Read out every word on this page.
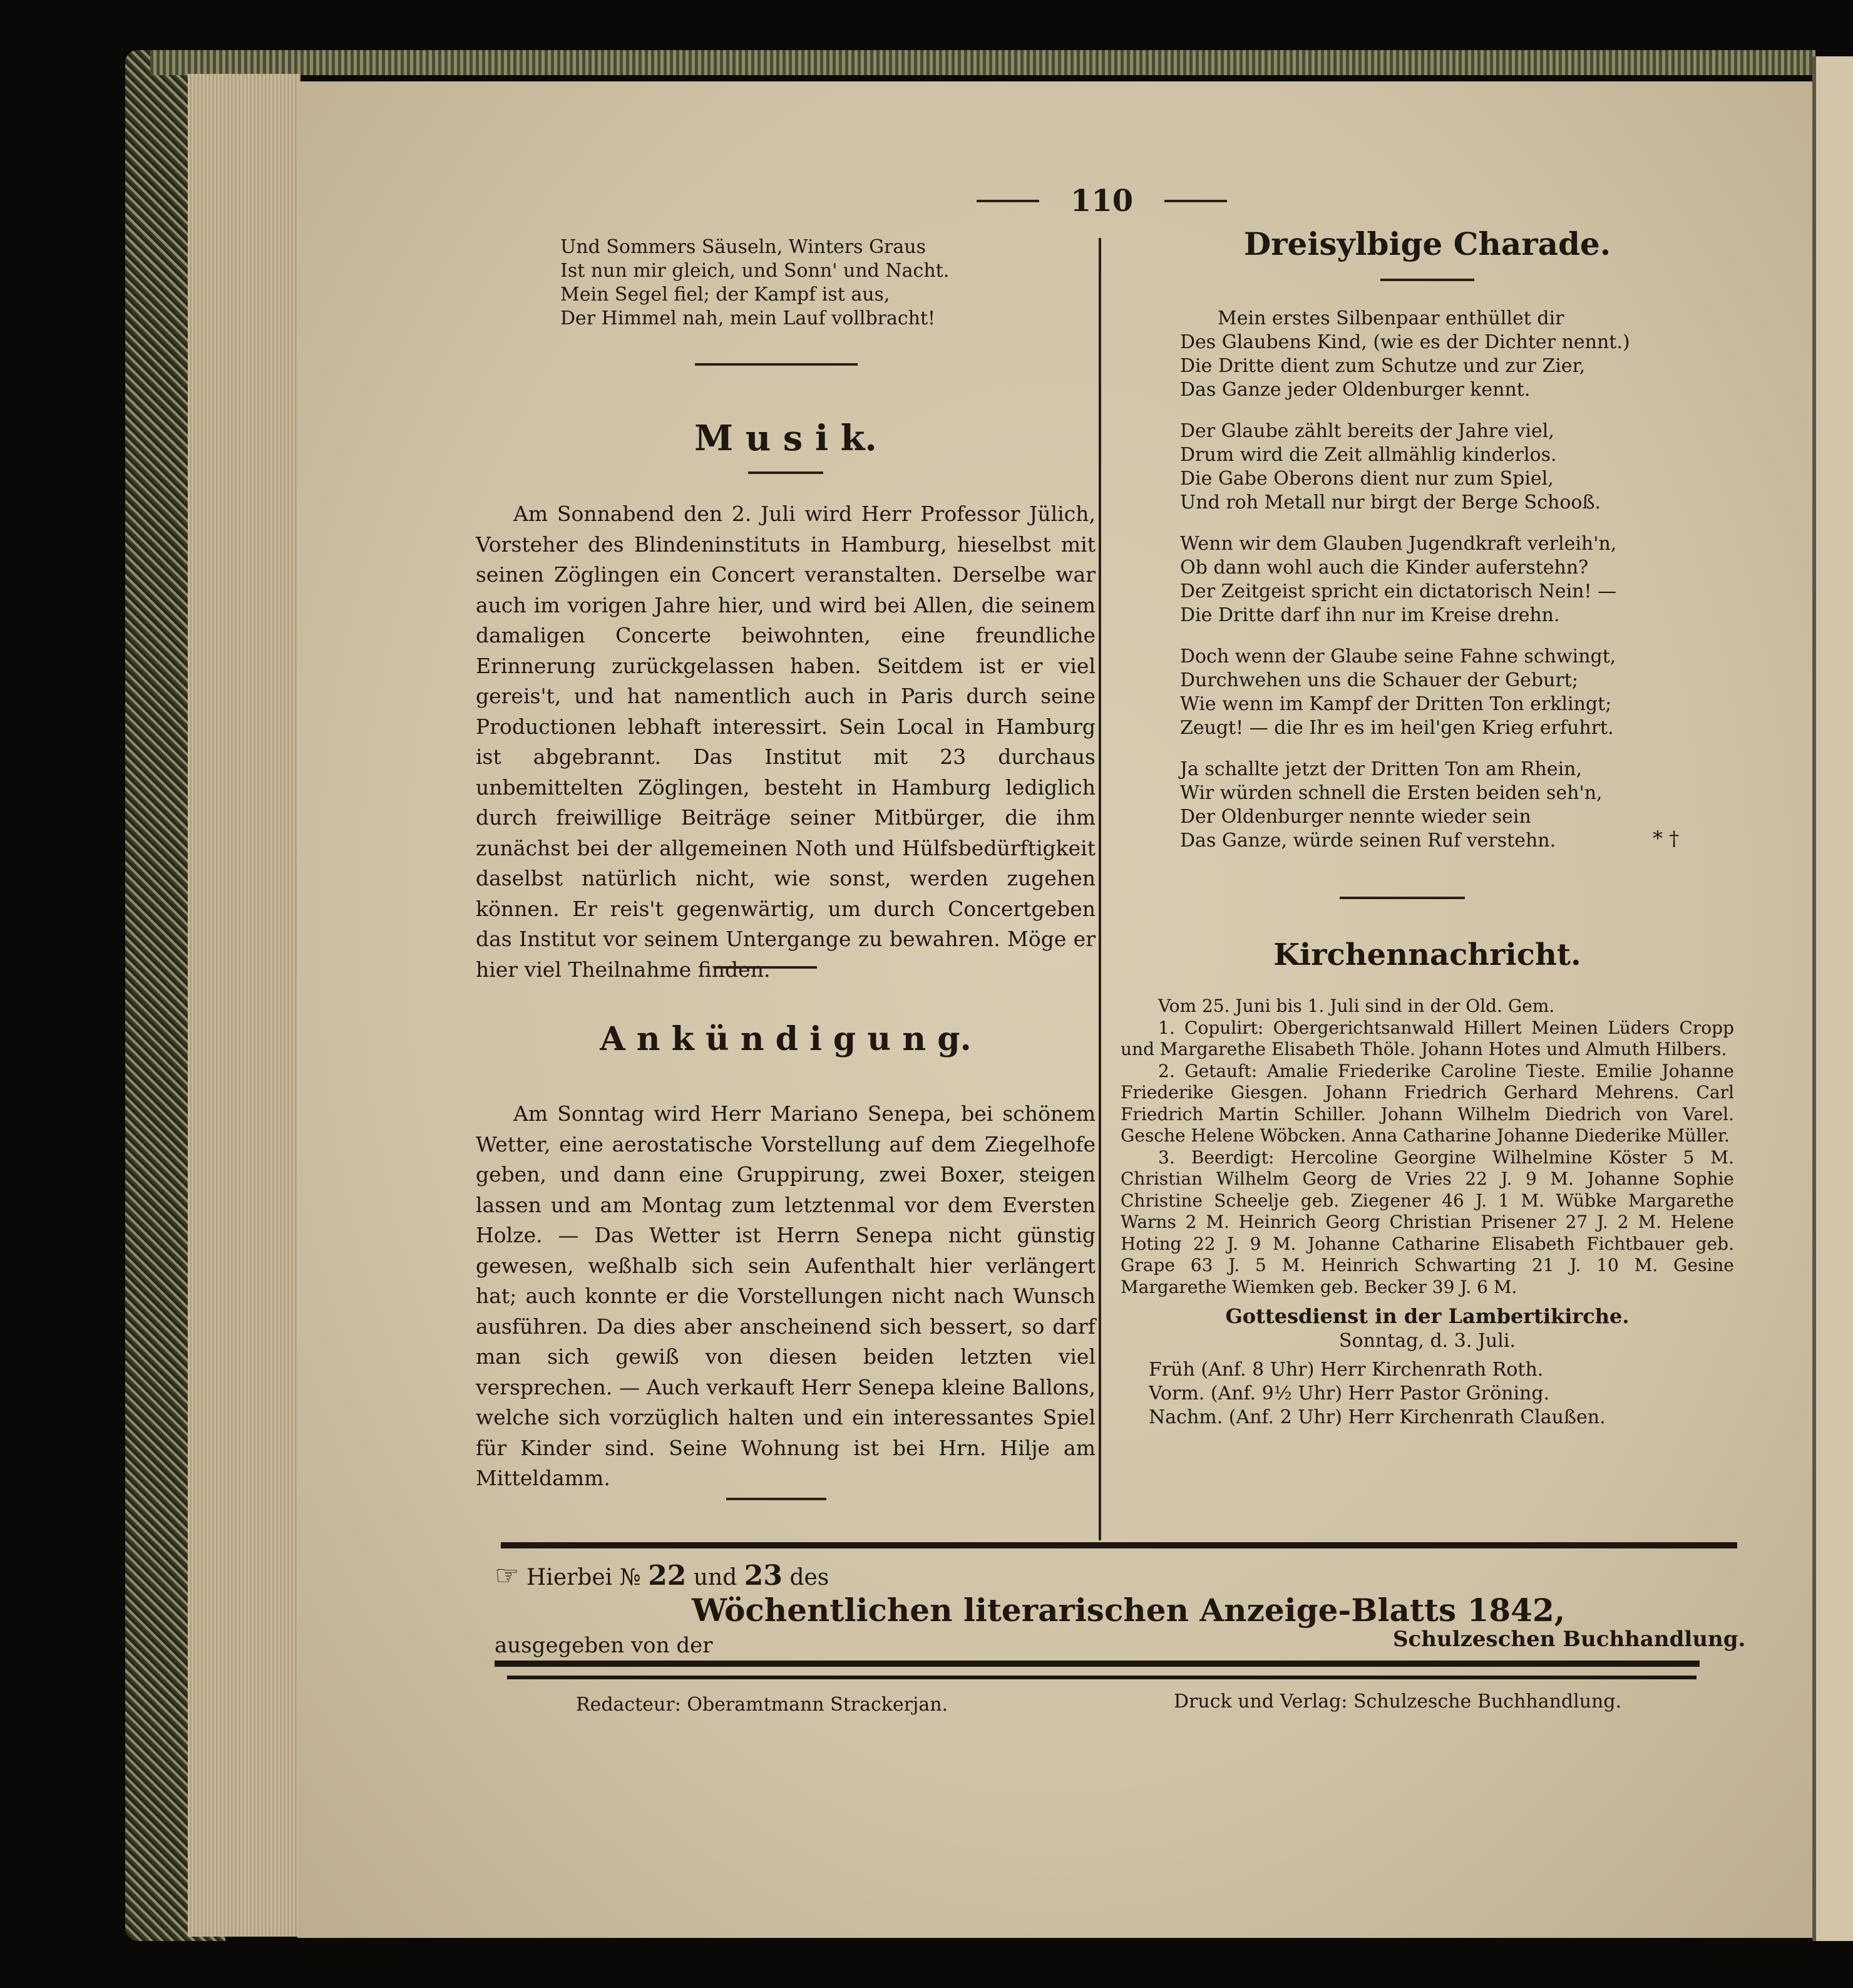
110
Und Sommers Säuseln, Winters Graus
Ist nun mir gleich, und Sonn' und Nacht.
Mein Segel fiel; der Kampf ist aus,
Der Himmel nah, mein Lauf vollbracht!
M u s i k.
Am Sonnabend den 2. Juli wird Herr Professor Jülich, Vorsteher des Blindeninstituts in Hamburg, hieselbst mit seinen Zöglingen ein Concert veranstalten. Derselbe war auch im vorigen Jahre hier, und wird bei Allen, die seinem damaligen Concerte beiwohnten, eine freundliche Erinnerung zurückgelassen haben. Seitdem ist er viel gereis't, und hat namentlich auch in Paris durch seine Productionen lebhaft interessirt. Sein Local in Hamburg ist abgebrannt. Das Institut mit 23 durchaus unbemittelten Zöglingen, besteht in Hamburg lediglich durch freiwillige Beiträge seiner Mitbürger, die ihm zunächst bei der allgemeinen Noth und Hülfsbedürftigkeit daselbst natürlich nicht, wie sonst, werden zugehen können. Er reis't gegenwärtig, um durch Concertgeben das Institut vor seinem Untergange zu bewahren. Möge er hier viel Theilnahme finden.
A n k ü n d i g u n g.
Am Sonntag wird Herr Mariano Senepa, bei schönem Wetter, eine aerostatische Vorstellung auf dem Ziegelhofe geben, und dann eine Gruppirung, zwei Boxer, steigen lassen und am Montag zum letztenmal vor dem Eversten Holze. — Das Wetter ist Herrn Senepa nicht günstig gewesen, weßhalb sich sein Aufenthalt hier verlängert hat; auch konnte er die Vorstellungen nicht nach Wunsch ausführen. Da dies aber anscheinend sich bessert, so darf man sich gewiß von diesen beiden letzten viel versprechen. — Auch verkauft Herr Senepa kleine Ballons, welche sich vorzüglich halten und ein interessantes Spiel für Kinder sind. Seine Wohnung ist bei Hrn. Hilje am Mitteldamm.
Dreisylbige Charade.
Mein erstes Silbenpaar enthüllet dir
Des Glaubens Kind, (wie es der Dichter nennt.)
Die Dritte dient zum Schutze und zur Zier,
Das Ganze jeder Oldenburger kennt.
Der Glaube zählt bereits der Jahre viel,
Drum wird die Zeit allmählig kinderlos.
Die Gabe Oberons dient nur zum Spiel,
Und roh Metall nur birgt der Berge Schooß.
Wenn wir dem Glauben Jugendkraft verleih'n,
Ob dann wohl auch die Kinder auferstehn?
Der Zeitgeist spricht ein dictatorisch Nein! —
Die Dritte darf ihn nur im Kreise drehn.
Doch wenn der Glaube seine Fahne schwingt,
Durchwehen uns die Schauer der Geburt;
Wie wenn im Kampf der Dritten Ton erklingt;
Zeugt! — die Ihr es im heil'gen Krieg erfuhrt.
Ja schallte jetzt der Dritten Ton am Rhein,
Wir würden schnell die Ersten beiden seh'n,
Der Oldenburger nennte wieder sein
Das Ganze, würde seinen Ruf verstehn.	* †
Kirchennachricht.
Vom 25. Juni bis 1. Juli sind in der Old. Gem.
1. Copulirt: Obergerichtsanwald Hillert Meinen Lüders Cropp und Margarethe Elisabeth Thöle. Johann Hotes und Almuth Hilbers.
2. Getauft: Amalie Friederike Caroline Tieste. Emilie Johanne Friederike Giesgen. Johann Friedrich Gerhard Mehrens. Carl Friedrich Martin Schiller. Johann Wilhelm Diedrich von Varel. Gesche Helene Wöbcken. Anna Catharine Johanne Diederike Müller.
3. Beerdigt: Hercoline Georgine Wilhelmine Köster 5 M. Christian Wilhelm Georg de Vries 22 J. 9 M. Johanne Sophie Christine Scheelje geb. Ziegener 46 J. 1 M. Wübke Margarethe Warns 2 M. Heinrich Georg Christian Prisener 27 J. 2 M. Helene Hoting 22 J. 9 M. Johanne Catharine Elisabeth Fichtbauer geb. Grape 63 J. 5 M. Heinrich Schwarting 21 J. 10 M. Gesine Margarethe Wiemken geb. Becker 39 J. 6 M.
Gottesdienst in der Lambertikirche.
Sonntag, d. 3. Juli.
Früh (Anf. 8 Uhr) Herr Kirchenrath Roth.
Vorm. (Anf. 9½ Uhr) Herr Pastor Gröning.
Nachm. (Anf. 2 Uhr) Herr Kirchenrath Claußen.
☞ Hierbei № 22 und 23 des
Wöchentlichen literarischen Anzeige-Blatts 1842,
ausgegeben von der	Schulzeschen Buchhandlung.
Redacteur: Oberamtmann Strackerjan.	Druck und Verlag: Schulzesche Buchhandlung.
